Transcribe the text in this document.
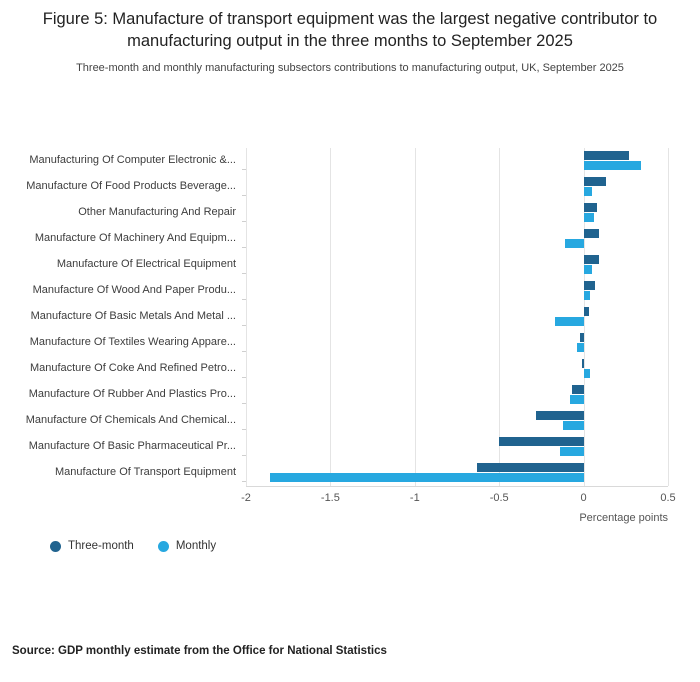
Figure 5: Manufacture of transport equipment was the largest negative contributor to manufacturing output in the three months to September 2025
Three-month and monthly manufacturing subsectors contributions to manufacturing output, UK, September 2025
Manufacturing Of Computer Electronic &...
Manufacture Of Food Products Beverage...
Other Manufacturing And Repair
Manufacture Of Machinery And Equipm...
Manufacture Of Electrical Equipment
Manufacture Of Wood And Paper Produ...
Manufacture Of Basic Metals And Metal ...
Manufacture Of Textiles Wearing Appare...
Manufacture Of Coke And Refined Petro...
Manufacture Of Rubber And Plastics Pro...
Manufacture Of Chemicals And Chemical...
Manufacture Of Basic Pharmaceutical Pr...
Manufacture Of Transport Equipment
-2	-1.5	-1	-0.5	0	0.5
Percentage points
Three-month	Monthly
Source: GDP monthly estimate from the Office for National Statistics
